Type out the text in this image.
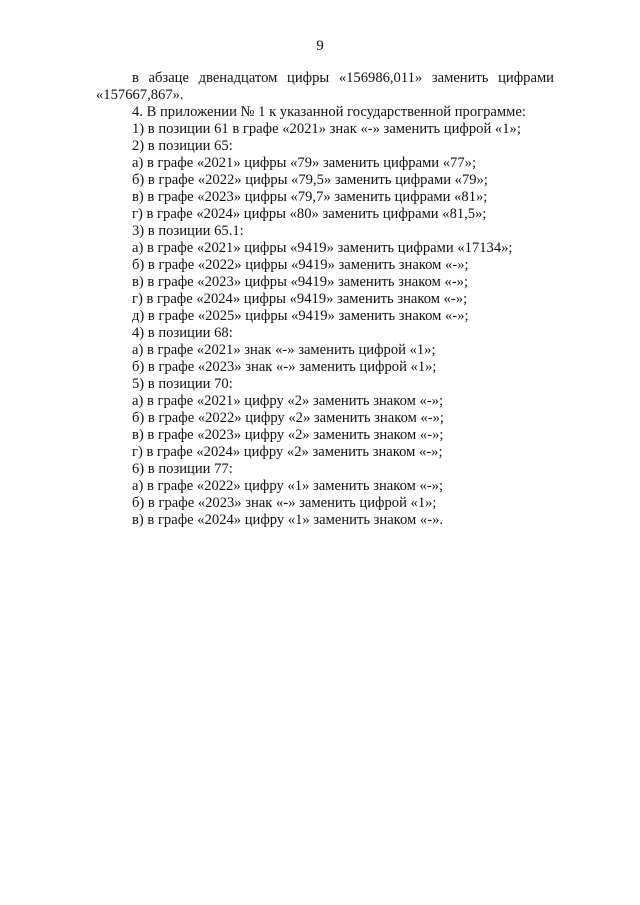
9

в абзаце двенадцатом цифры «156986,011» заменить цифрами «157667,867».

4. В приложении № 1 к указанной государственной программе:

1) в позиции 61 в графе «2021» знак «-» заменить цифрой «1»;

2) в позиции 65:

а) в графе «2021» цифры «79» заменить цифрами «77»;

б) в графе «2022» цифры «79,5» заменить цифрами «79»;

в) в графе «2023» цифры «79,7» заменить цифрами «81»;

г) в графе «2024» цифры «80» заменить цифрами «81,5»;

3) в позиции 65.1:

а) в графе «2021» цифры «9419» заменить цифрами «17134»;

б) в графе «2022» цифры «9419» заменить знаком «-»;

в) в графе «2023» цифры «9419» заменить знаком «-»;

г) в графе «2024» цифры «9419» заменить знаком «-»;

д) в графе «2025» цифры «9419» заменить знаком «-»;

4) в позиции 68:

а) в графе «2021» знак «-» заменить цифрой «1»;

б) в графе «2023» знак «-» заменить цифрой «1»;

5) в позиции 70:

а) в графе «2021» цифру «2» заменить знаком «-»;

б) в графе «2022» цифру «2» заменить знаком «-»;

в) в графе «2023» цифру «2» заменить знаком «-»;

г) в графе «2024» цифру «2» заменить знаком «-»;

6) в позиции 77:

а) в графе «2022» цифру «1» заменить знаком «-»;

б) в графе «2023» знак «-» заменить цифрой «1»;

в) в графе «2024» цифру «1» заменить знаком «-».
